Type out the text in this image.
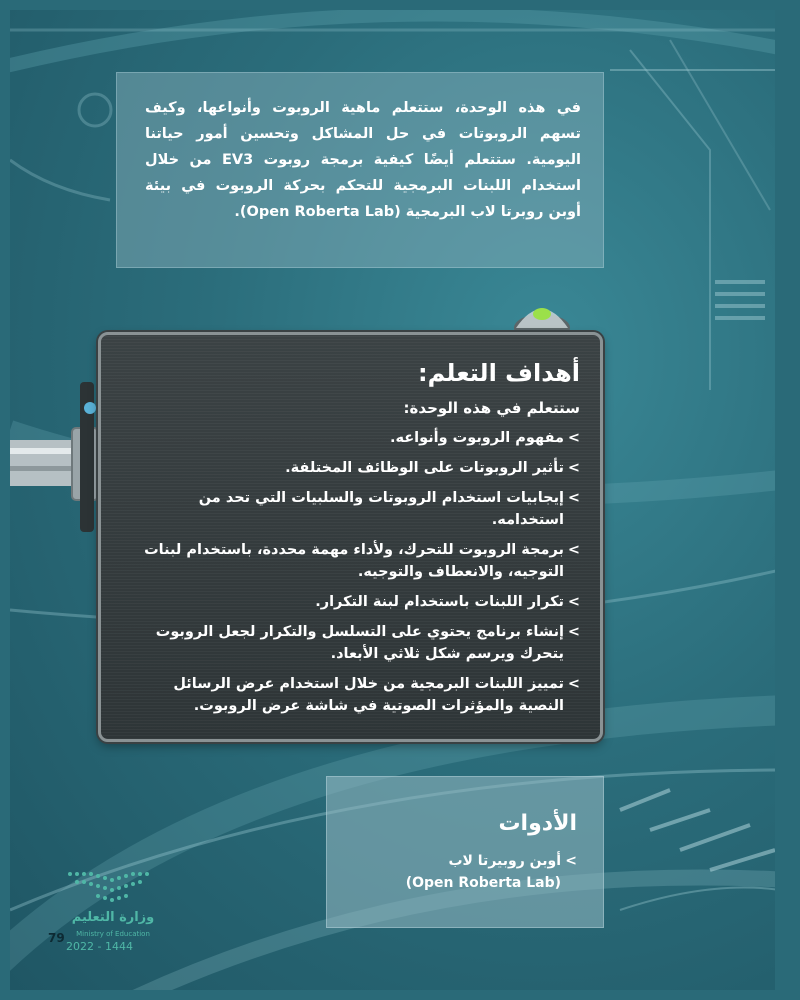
في هذه الوحدة، ستتعلم ماهية الروبوت وأنواعها، وكيف تسهم الروبوتات في حل المشاكل وتحسين أمور حياتنا اليومية. ستتعلم أيضًا كيفية برمجة روبوت EV3 من خلال استخدام اللبنات البرمجية للتحكم بحركة الروبوت في بيئة أوبن روبرتا لاب البرمجية (Open Roberta Lab).
أهداف التعلم:
ستتعلم في هذه الوحدة:
>
مفهوم الروبوت وأنواعه.
>
تأثير الروبوتات على الوظائف المختلفة.
>
إيجابيات استخدام الروبوتات والسلبيات التي تحد من استخدامه.
>
برمجة الروبوت للتحرك، ولأداء مهمة محددة، باستخدام لبنات التوجيه، والانعطاف والتوجيه.
>
تكرار اللبنات باستخدام لبنة التكرار.
>
إنشاء برنامج يحتوي على التسلسل والتكرار لجعل الروبوت يتحرك ويرسم شكل ثلاثي الأبعاد.
>
تمييز اللبنات البرمجية من خلال استخدام عرض الرسائل النصية والمؤثرات الصوتية في شاشة عرض الروبوت.
الأدوات
>
أوبن روبيرتا لاب
(Open Roberta Lab)
وزارة التعليم
Ministry of Education
79
2022 - 1444
